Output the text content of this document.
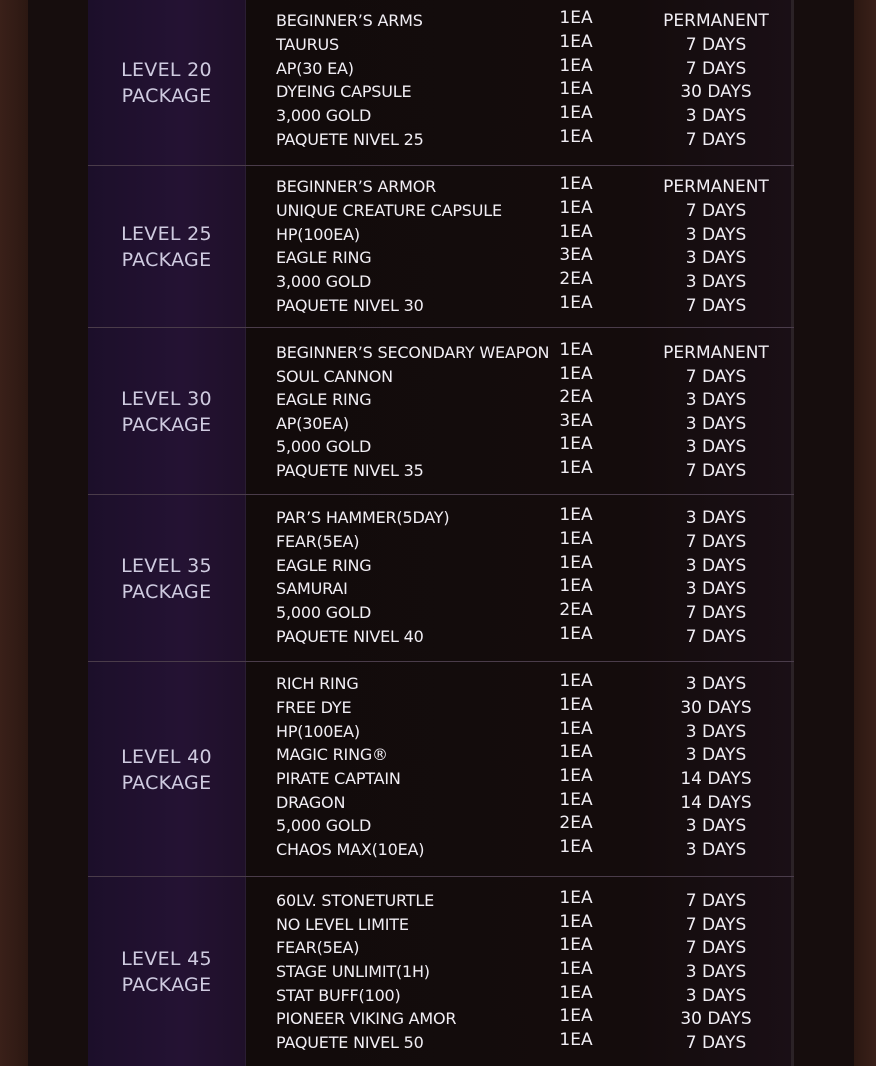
LEVEL 20
PACKAGE
BEGINNER’S ARMS	1EA	PERMANENT
TAURUS	1EA	7 DAYS
AP(30 EA)	1EA	7 DAYS
DYEING CAPSULE	1EA	30 DAYS
3,000 GOLD	1EA	3 DAYS
PAQUETE NIVEL 25	1EA	7 DAYS
LEVEL 25
PACKAGE
BEGINNER’S ARMOR	1EA	PERMANENT
UNIQUE CREATURE CAPSULE	1EA	7 DAYS
HP(100EA)	1EA	3 DAYS
EAGLE RING	3EA	3 DAYS
3,000 GOLD	2EA	3 DAYS
PAQUETE NIVEL 30	1EA	7 DAYS
LEVEL 30
PACKAGE
BEGINNER’S SECONDARY WEAPON 1EA	PERMANENT
SOUL CANNON	1EA	7 DAYS
EAGLE RING	2EA	3 DAYS
AP(30EA)	3EA	3 DAYS
5,000 GOLD	1EA	3 DAYS
PAQUETE NIVEL 35	1EA	7 DAYS
LEVEL 35
PACKAGE
PAR’S HAMMER(5DAY)	1EA	3 DAYS
FEAR(5EA)	1EA	7 DAYS
EAGLE RING	1EA	3 DAYS
SAMURAI	1EA	3 DAYS
5,000 GOLD	2EA	7 DAYS
PAQUETE NIVEL 40	1EA	7 DAYS
LEVEL 40
PACKAGE
RICH RING	1EA	3 DAYS
FREE DYE	1EA	30 DAYS
HP(100EA)	1EA	3 DAYS
MAGIC RING®	1EA	3 DAYS
PIRATE CAPTAIN	1EA	14 DAYS
DRAGON	1EA	14 DAYS
5,000 GOLD	2EA	3 DAYS
CHAOS MAX(10EA)	1EA	3 DAYS
LEVEL 45
PACKAGE
60LV. STONETURTLE	1EA	7 DAYS
NO LEVEL LIMITE	1EA	7 DAYS
FEAR(5EA)	1EA	7 DAYS
STAGE UNLIMIT(1H)	1EA	3 DAYS
STAT BUFF(100)	1EA	3 DAYS
PIONEER VIKING AMOR	1EA	30 DAYS
PAQUETE NIVEL 50	1EA	7 DAYS
